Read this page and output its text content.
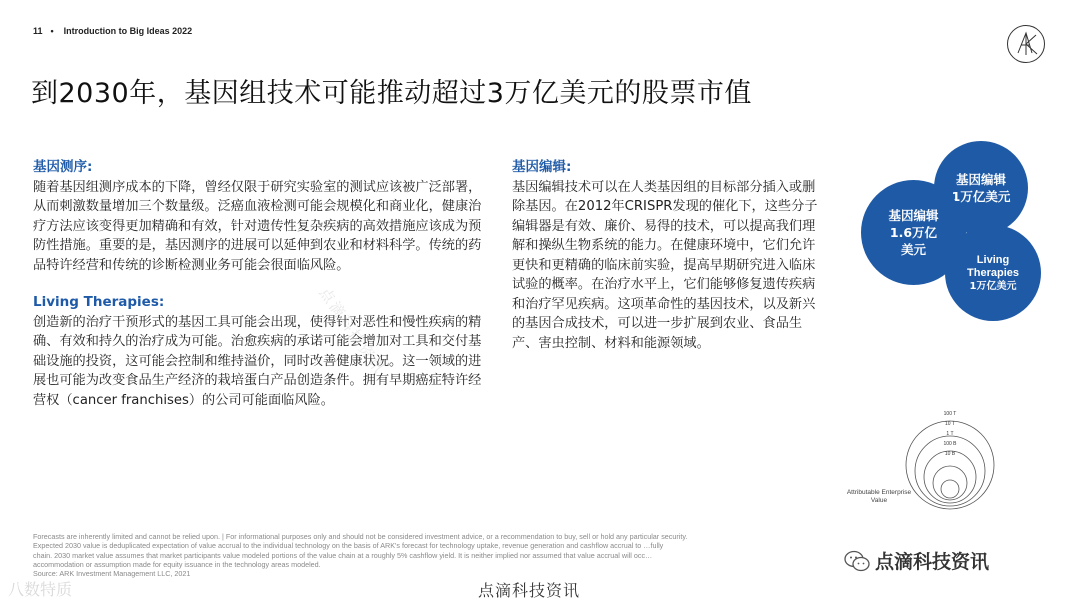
11 • Introduction to Big Ideas 2022
到2030年，基因组技术可能推动超过3万亿美元的股票市值
基因测序:
随着基因组测序成本的下降，曾经仅限于研究实验室的测试应该被广泛部署，从而刺激数量增加三个数量级。泛癌血液检测可能会规模化和商业化，健康治疗方法应该变得更加精确和有效，针对遗传性复杂疾病的高效措施应该成为预防性措施。重要的是，基因测序的进展可以延伸到农业和材料科学。传统的药品特许经营和传统的诊断检测业务可能会很面临风险。
Living Therapies:
创造新的治疗干预形式的基因工具可能会出现，使得针对恶性和慢性疾病的精确、有效和持久的治疗成为可能。治愈疾病的承诺可能会增加对工具和交付基础设施的投资，这可能会控制和维持溢价，同时改善健康状况。这一领域的进展也可能为改变食品生产经济的栽培蛋白产品创造条件。拥有早期癌症特许经营权（cancer franchises）的公司可能面临风险。
基因编辑:
基因编辑技术可以在人类基因组的目标部分插入或删除基因。在2012年CRISPR发现的催化下，这些分子编辑器是有效、廉价、易得的技术，可以提高我们理解和操纵生物系统的能力。在健康环境中，它们允许更快和更精确的临床前实验，提高早期研究进入临床试验的概率。在治疗水平上，它们能够修复遗传疾病和治疗罕见疾病。这项革命性的基因技术，以及新兴的基因合成技术，可以进一步扩展到农业、食品生产、害虫控制、材料和能源领域。
基因编辑
1万亿美元
基因编辑
1.6万亿
美元
Living
Therapies
1万亿美元
100 T
10 T
1 T
100 B
10 B
Attributable Enterprise Value

Forecasts are inherently limited and cannot be relied upon. | For informational purposes only and should not be considered investment advice, or a recommendation to buy, sell or hold any particular security.

Expected 2030 value is deduplicated expectation of value accrual to the individual technology on the basis of ARK's forecast for technology uptake, revenue generation and cashflow accrual to …fully

chain. 2030 market value assumes that market participants value modeled portions of the value chain at a roughly 5% cashflow yield. It is neither implied nor assumed that value accrual will occ…

accommodation or assumption made for equity issuance in the technology areas modeled.

Source: ARK Investment Management LLC, 2021

点滴科技资讯
点滴科技资讯
点滴科技资讯
八数特质
